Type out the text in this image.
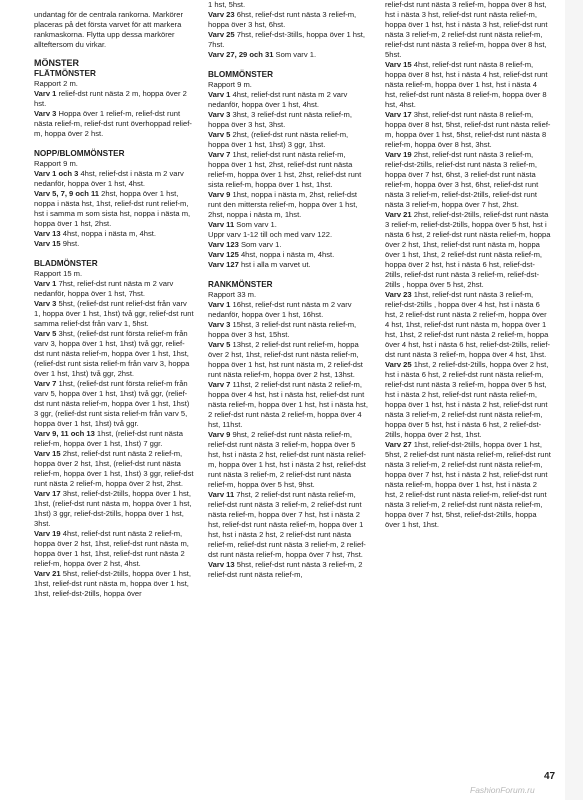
undantag för de centrala rankorna. Markörer placeras på det första varvet för att markera rankmaskorna. Flytta upp dessa markörer allteftersom du virkar.

MÖNSTER

FLÄTMÖNSTER

Rapport 2 m.

Varv 1 relief-dst runt nästa 2 m, hoppa över 2 hst.

Varv 3 Hoppa över 1 relief-m, relief-dst runt nästa relief-m, relief-dst runt överhoppad relief-m, hoppa över 2 hst.

NOPP/BLOMMÖNSTER

Rapport 9 m.

Varv 1 och 3 4hst, relief-dst i nästa m 2 varv nedanför, hoppa över 1 hst, 4hst.

Varv 5, 7, 9 och 11 2hst, hoppa över 1 hst, noppa i nästa hst, 1hst, relief-dst runt relief-m, hst i samma m som sista hst, noppa i nästa m, hoppa över 1 hst, 2hst.

Varv 13 4hst, noppa i nästa m, 4hst.

Varv 15 9hst.

BLADMÖNSTER

Rapport 15 m.

Varv 1 7hst, relief-dst runt nästa m 2 varv nedanför, hoppa över 1 hst, 7hst.

Varv 3 5hst, (relief-dst runt relief-dst från varv 1, hoppa över 1 hst, 1hst) två ggr, relief-dst runt samma relief-dst från varv 1, 5hst.

Varv 5 3hst, (relief-dst runt första relief-m från varv 3, hoppa över 1 hst, 1hst) två ggr, relief-dst runt nästa relief-m, hoppa över 1 hst, 1hst, (relief-dst runt sista relief-m från varv 3, hoppa över 1 hst, 1hst) två ggr, 2hst.

Varv 7 1hst, (relief-dst runt första relief-m från varv 5, hoppa över 1 hst, 1hst) två ggr, (relief-dst runt nästa relief-m, hoppa över 1 hst, 1hst) 3 ggr, (relief-dst runt sista relief-m från varv 5, hoppa över 1 hst, 1hst) två ggr.

Varv 9, 11 och 13 1hst, (relief-dst runt nästa relief-m, hoppa över 1 hst, 1hst) 7 ggr.

Varv 15 2hst, relief-dst runt nästa 2 relief-m, hoppa över 2 hst, 1hst, (relief-dst runt nästa relief-m, hoppa över 1 hst, 1hst) 3 ggr, relief-dst runt nästa 2 relief-m, hoppa över 2 hst, 2hst.

Varv 17 3hst, relief-dst-2tills, hoppa över 1 hst, 1hst, (relief-dst runt nästa m, hoppa över 1 hst, 1hst) 3 ggr, relief-dst-2tills, hoppa över 1 hst, 3hst.

Varv 19 4hst, relief-dst runt nästa 2 relief-m, hoppa över 2 hst, 1hst, relief-dst runt nästa m, hoppa över 1 hst, 1hst, relief-dst runt nästa 2 relief-m, hoppa över 2 hst, 4hst.

Varv 21 5hst, relief-dst-2tills, hoppa över 1 hst, 1hst, relief-dst runt nästa m, hoppa över 1 hst, 1hst, relief-dst-2tills, hoppa över

1 hst, 5hst.

Varv 23 6hst, relief-dst runt nästa 3 relief-m, hoppa över 3 hst, 6hst.

Varv 25 7hst, relief-dst-3tills, hoppa över 1 hst, 7hst.

Varv 27, 29 och 31 Som varv 1.

BLOMMÖNSTER

Rapport 9 m.

Varv 1 4hst, relief-dst runt nästa m 2 varv nedanför, hoppa över 1 hst, 4hst.

Varv 3 3hst, 3 relief-dst runt nästa relief-m, hoppa över 3 hst, 3hst.

Varv 5 2hst, (relief-dst runt nästa relief-m, hoppa över 1 hst, 1hst) 3 ggr, 1hst.

Varv 7 1hst, relief-dst runt nästa relief-m, hoppa över 1 hst, 2hst, relief-dst runt nästa relief-m, hoppa över 1 hst, 2hst, relief-dst runt sista relief-m, hoppa över 1 hst, 1hst.

Varv 9 1hst, noppa i nästa m, 2hst, relief-dst runt den mittersta relief-m, hoppa över 1 hst, 2hst, noppa i nästa m, 1hst.

Varv 11 Som varv 1.
Uppr varv 1-12 till och med varv 122.

Varv 123 Som varv 1.

Varv 125 4hst, noppa i nästa m, 4hst.

Varv 127 hst i alla m varvet ut.

RANKMÖNSTER

Rapport 33 m.

Varv 1 16hst, relief-dst runt nästa m 2 varv nedanför, hoppa över 1 hst, 16hst.

Varv 3 15hst, 3 relief-dst runt nästa relief-m, hoppa över 3 hst, 15hst.

Varv 5 13hst, 2 relief-dst runt relief-m, hoppa över 2 hst, 1hst, relief-dst runt nästa relief-m, hoppa över 1 hst, hst runt nästa m, 2 relief-dst runt nästa relief-m, hoppa över 2 hst, 13hst.

Varv 7 11hst, 2 relief-dst runt nästa 2 relief-m, hoppa över 4 hst, hst i nästa hst, relief-dst runt nästa relief-m, hoppa över 1 hst, hst i nästa hst, 2 relief-dst runt nästa 2 relief-m, hoppa över 4 hst, 11hst.

Varv 9 9hst, 2 relief-dst runt nästa relief-m, relief-dst runt nästa 3 relief-m, hoppa över 5 hst, hst i nästa 2 hst, relief-dst runt nästa relief-m, hoppa över 1 hst, hst i nästa 2 hst, relief-dst runt nästa 3 relief-m, 2 relief-dst runt nästa relief-m, hoppa över 5 hst, 9hst.

Varv 11 7hst, 2 relief-dst runt nästa relief-m, relief-dst runt nästa 3 relief-m, 2 relief-dst runt nästa relief-m, hoppa över 7 hst, hst i nästa 2 hst, relief-dst runt nästa relief-m, hoppa över 1 hst, hst i nästa 2 hst, 2 relief-dst runt nästa relief-m, relief-dst runt nästa 3 relief-m, 2 relief-dst runt nästa relief-m, hoppa över 7 hst, 7hst.

Varv 13 5hst, relief-dst runt nästa 3 relief-m, 2 relief-dst runt nästa relief-m,

relief-dst runt nästa 3 relief-m, hoppa över 8 hst, hst i nästa 3 hst, relief-dst runt nästa relief-m, hoppa över 1 hst, hst i nästa 3 hst, relief-dst runt nästa 3 relief-m, 2 relief-dst runt nästa relief-m, relief-dst runt nästa 3 relief-m, hoppa över 8 hst, 5hst.

Varv 15 4hst, relief-dst runt nästa 8 relief-m, hoppa över 8 hst, hst i nästa 4 hst, relief-dst runt nästa relief-m, hoppa över 1 hst, hst i nästa 4 hst, relief-dst runt nästa 8 relief-m, hoppa över 8 hst, 4hst.

Varv 17 3hst, relief-dst runt nästa 8 relief-m, hoppa över 8 hst, 5hst, relief-dst runt nästa relief-m, hoppa över 1 hst, 5hst, relief-dst runt nästa 8 relief-m, hoppa över 8 hst, 3hst.

Varv 19 2hst, relief-dst runt nästa 3 relief-m, relief-dst-2tills, relief-dst runt nästa 3 relief-m, hoppa över 7 hst, 6hst, 3 relief-dst runt nästa relief-m, hoppa över 3 hst, 6hst, relief-dst runt nästa 3 relief-m, relief-dst-2tills, relief-dst runt nästa 3 relief-m, hoppa över 7 hst, 2hst.

Varv 21 2hst, relief-dst-2tills, relief-dst runt nästa 3 relief-m, relief-dst-2tills, hoppa över 5 hst, hst i nästa 6 hst, 2 relief-dst runt nästa relief-m, hoppa över 2 hst, 1hst, relief-dst runt nästa m, hoppa över 1 hst, 1hst, 2 relief-dst runt nästa relief-m, hoppa över 2 hst, hst i nästa 6 hst, relief-dst-2tills, relief-dst runt nästa 3 relief-m, relief-dst-2tills , hoppa över 5 hst, 2hst.

Varv 23 1hst, relief-dst runt nästa 3 relief-m, relief-dst-2tills , hoppa över 4 hst, hst i nästa 6 hst, 2 relief-dst runt nästa 2 relief-m, hoppa över 4 hst, 1hst, relief-dst runt nästa m, hoppa över 1 hst, 1hst, 2 relief-dst runt nästa 2 relief-m, hoppa över 4 hst, hst i nästa 6 hst, relief-dst-2tills, relief-dst runt nästa 3 relief-m, hoppa över 4 hst, 1hst.

Varv 25 1hst, 2 relief-dst-2tills, hoppa över 2 hst, hst i nästa 6 hst, 2 relief-dst runt nästa relief-m, relief-dst runt nästa 3 relief-m, hoppa över 5 hst, hst i nästa 2 hst, relief-dst runt nästa relief-m, hoppa över 1 hst, hst i nästa 2 hst, relief-dst runt nästa 3 relief-m, 2 relief-dst runt nästa relief-m, hoppa över 5 hst, hst i nästa 6 hst, 2 relief-dst-2tills, hoppa över 2 hst, 1hst.

Varv 27 1hst, relief-dst-2tills, hoppa över 1 hst, 5hst, 2 relief-dst runt nästa relief-m, relief-dst runt nästa 3 relief-m, 2 relief-dst runt nästa relief-m, hoppa över 7 hst, hst i nästa 2 hst, relief-dst runt nästa relief-m, hoppa över 1 hst, hst i nästa 2 hst, 2 relief-dst runt nästa relief-m, relief-dst runt nästa 3 relief-m, 2 relief-dst runt nästa relief-m, hoppa över 7 hst, 5hst, relief-dst-2tills, hoppa över 1 hst, 1hst.

47
FashionForum.ru
